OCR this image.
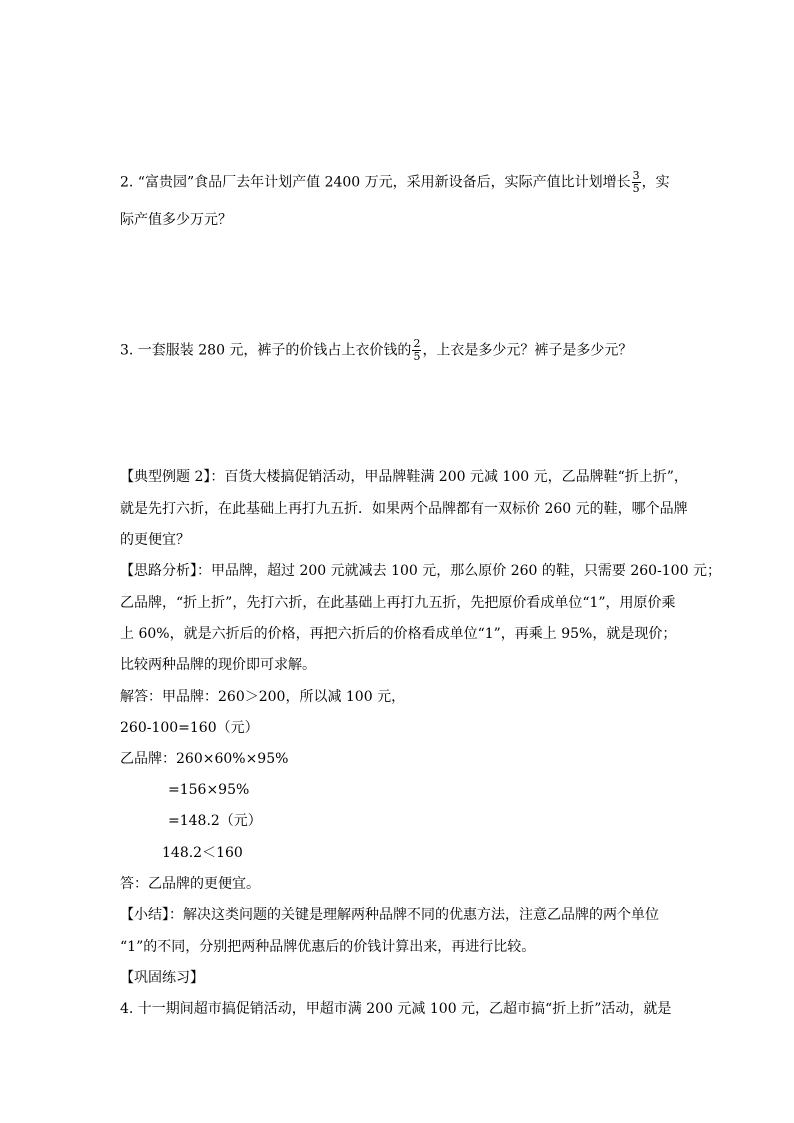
2. “富贵园”食品厂去年计划产值 2400 万元，采用新设备后，实际产值比计划增长 $\frac{3}{5}$ ，实
际产值多少万元？
3. 一套服装 280 元，裤子的价钱占上衣价钱的 $\frac{2}{5}$ ，上衣是多少元？裤子是多少元？
【典型例题 2】：百货大楼搞促销活动，甲品牌鞋满 200 元减 100 元，乙品牌鞋“折上折”，
就是先打六折，在此基础上再打九五折．如果两个品牌都有一双标价 260 元的鞋，哪个品牌
的更便宜？
【思路分析】：甲品牌，超过 200 元就减去 100 元，那么原价 260 的鞋，只需要 260-100 元；
乙品牌，“折上折”，先打六折，在此基础上再打九五折，先把原价看成单位“1”，用原价乘
上 60%，就是六折后的价格，再把六折后的价格看成单位“1”，再乘上 95%，就是现价；
比较两种品牌的现价即可求解。
解答：甲品牌：260＞200，所以减 100 元，
260-100=160（元）
乙品牌：260×60%×95%
=156×95%
=148.2（元）
148.2＜160
答：乙品牌的更便宜。
【小结】：解决这类问题的关键是理解两种品牌不同的优惠方法，注意乙品牌的两个单位
“1”的不同，分别把两种品牌优惠后的价钱计算出来，再进行比较。
【巩固练习】
4. 十一期间超市搞促销活动，甲超市满 200 元减 100 元，乙超市搞“折上折”活动，就是
